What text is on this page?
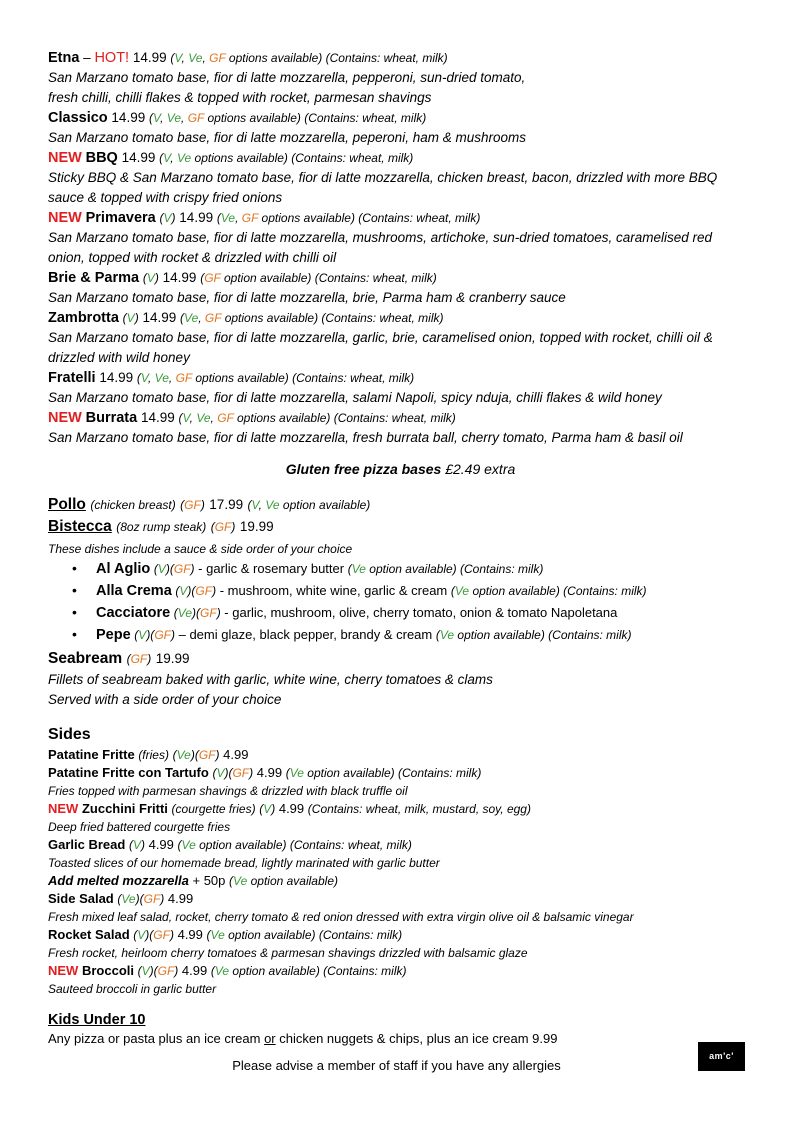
Etna – HOT! 14.99 (V, Ve, GF options available) (Contains: wheat, milk)
San Marzano tomato base, fior di latte mozzarella, pepperoni, sun-dried tomato,
fresh chilli, chilli flakes & topped with rocket, parmesan shavings
Classico 14.99 (V, Ve, GF options available) (Contains: wheat, milk)
San Marzano tomato base, fior di latte mozzarella, peperoni, ham & mushrooms
NEW BBQ 14.99 (V, Ve options available) (Contains: wheat, milk)
Sticky BBQ & San Marzano tomato base, fior di latte mozzarella, chicken breast, bacon, drizzled with more BBQ
sauce & topped with crispy fried onions
NEW Primavera (V) 14.99 (Ve, GF options available) (Contains: wheat, milk)
San Marzano tomato base, fior di latte mozzarella, mushrooms, artichoke, sun-dried tomatoes, caramelised red
onion, topped with rocket & drizzled with chilli oil
Brie & Parma (V) 14.99 (GF option available) (Contains: wheat, milk)
San Marzano tomato base, fior di latte mozzarella, brie, Parma ham & cranberry sauce
Zambrotta (V) 14.99 (Ve, GF options available) (Contains: wheat, milk)
San Marzano tomato base, fior di latte mozzarella, garlic, brie, caramelised onion, topped with rocket, chilli oil &
drizzled with wild honey
Fratelli 14.99 (V, Ve, GF options available) (Contains: wheat, milk)
San Marzano tomato base, fior di latte mozzarella, salami Napoli, spicy nduja, chilli flakes & wild honey
NEW Burrata 14.99 (V, Ve, GF options available) (Contains: wheat, milk)
San Marzano tomato base, fior di latte mozzarella, fresh burrata ball, cherry tomato, Parma ham & basil oil
Gluten free pizza bases £2.49 extra
Pollo (chicken breast) (GF) 17.99 (V, Ve option available)
Bistecca (8oz rump steak) (GF) 19.99
These dishes include a sauce & side order of your choice
• Al Aglio (V)(GF) - garlic & rosemary butter (Ve option available) (Contains: milk)
• Alla Crema (V)(GF) - mushroom, white wine, garlic & cream (Ve option available) (Contains: milk)
• Cacciatore (Ve)(GF) - garlic, mushroom, olive, cherry tomato, onion & tomato Napoletana
• Pepe (V)(GF) – demi glaze, black pepper, brandy & cream (Ve option available) (Contains: milk)
Seabream (GF) 19.99
Fillets of seabream baked with garlic, white wine, cherry tomatoes & clams
Served with a side order of your choice
Sides
Patatine Fritte (fries) (Ve)(GF) 4.99
Patatine Fritte con Tartufo (V)(GF) 4.99 (Ve option available) (Contains: milk)
Fries topped with parmesan shavings & drizzled with black truffle oil
NEW Zucchini Fritti (courgette fries) (V) 4.99 (Contains: wheat, milk, mustard, soy, egg)
Deep fried battered courgette fries
Garlic Bread (V) 4.99 (Ve option available) (Contains: wheat, milk)
Toasted slices of our homemade bread, lightly marinated with garlic butter
Add melted mozzarella + 50p (Ve option available)
Side Salad (Ve)(GF) 4.99
Fresh mixed leaf salad, rocket, cherry tomato & red onion dressed with extra virgin olive oil & balsamic vinegar
Rocket Salad (V)(GF) 4.99 (Ve option available) (Contains: milk)
Fresh rocket, heirloom cherry tomatoes & parmesan shavings drizzled with balsamic glaze
NEW Broccoli (V)(GF) 4.99 (Ve option available) (Contains: milk)
Sauteed broccoli in garlic butter
Kids Under 10
Any pizza or pasta plus an ice cream or chicken nuggets & chips, plus an ice cream 9.99
Please advise a member of staff if you have any allergies
am'c'
